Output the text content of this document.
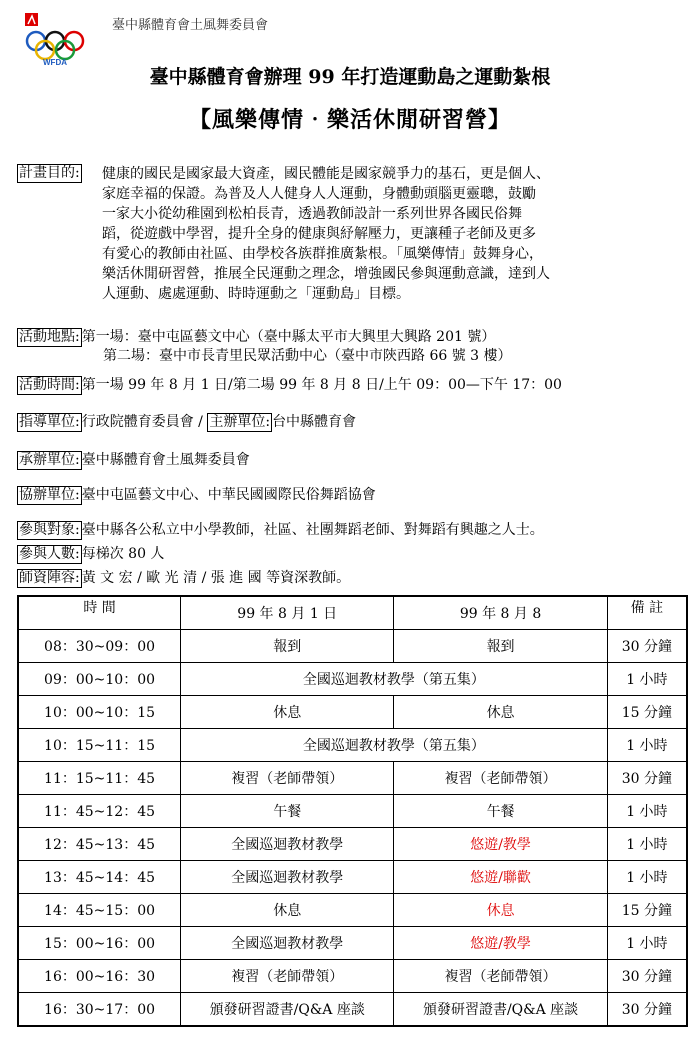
WFDA
臺中縣體育會土風舞委員會
臺中縣體育會辦理 99 年打造運動島之運動紮根
【風樂傳情‧樂活休閒研習營】
計畫目的:	健康的國民是國家最大資產，國民體能是國家競爭力的基石，更是個人、
家庭幸福的保證。為普及人人健身人人運動，身體動頭腦更靈聰，鼓勵
一家大小從幼稚園到松柏長青，透過教師設計一系列世界各國民俗舞
蹈，從遊戲中學習，提升全身的健康與紓解壓力，更讓種子老師及更多
有愛心的教師由社區、由學校各族群推廣紮根。「風樂傳情」鼓舞身心，
樂活休閒研習營，推展全民運動之理念，增強國民參與運動意識，達到人
人運動、處處運動、時時運動之「運動島」目標。
活動地點: 第一場：臺中屯區藝文中心（臺中縣太平市大興里大興路 201 號）
第二場：臺中市長青里民眾活動中心（臺中市陝西路 66 號 3 樓）
活動時間: 第一場 99 年 8 月 1 日/第二場 99 年 8 月 8 日/上午 09：00—下午 17：00
指導單位: 行政院體育委員會 / 主辦單位: 台中縣體育會
承辦單位: 臺中縣體育會土風舞委員會
協辦單位: 臺中屯區藝文中心、中華民國國際民俗舞蹈協會
參與對象: 臺中縣各公私立中小學教師，社區、社團舞蹈老師、對舞蹈有興趣之人士。
參與人數: 每梯次 80 人
師資陣容: 黃 文 宏 / 歐 光 清 / 張 進 國 等資深教師。
時 間	99 年 8 月 1 日	99 年 8 月 8	備 註
08：30~09：00	報到	報到	30 分鐘
09：00~10：00	全國巡迴教材教學（第五集）		1 小時
10：00~10：15	休息	休息	15 分鐘
10：15~11：15	全國巡迴教材教學（第五集）		1 小時
11：15~11：45	複習（老師帶領）	複習（老師帶領）	30 分鐘
11：45~12：45	午餐	午餐	1 小時
12：45~13：45	全國巡迴教材教學	悠遊/教學	1 小時
13：45~14：45	全國巡迴教材教學	悠遊/聯歡	1 小時
14：45~15：00	休息	休息	15 分鐘
15：00~16：00	全國巡迴教材教學	悠遊/教學	1 小時
16：00~16：30	複習（老師帶領）	複習（老師帶領）	30 分鐘
16：30~17：00	頒發研習證書/Q&A 座談	頒發研習證書/Q&A 座談	30 分鐘
